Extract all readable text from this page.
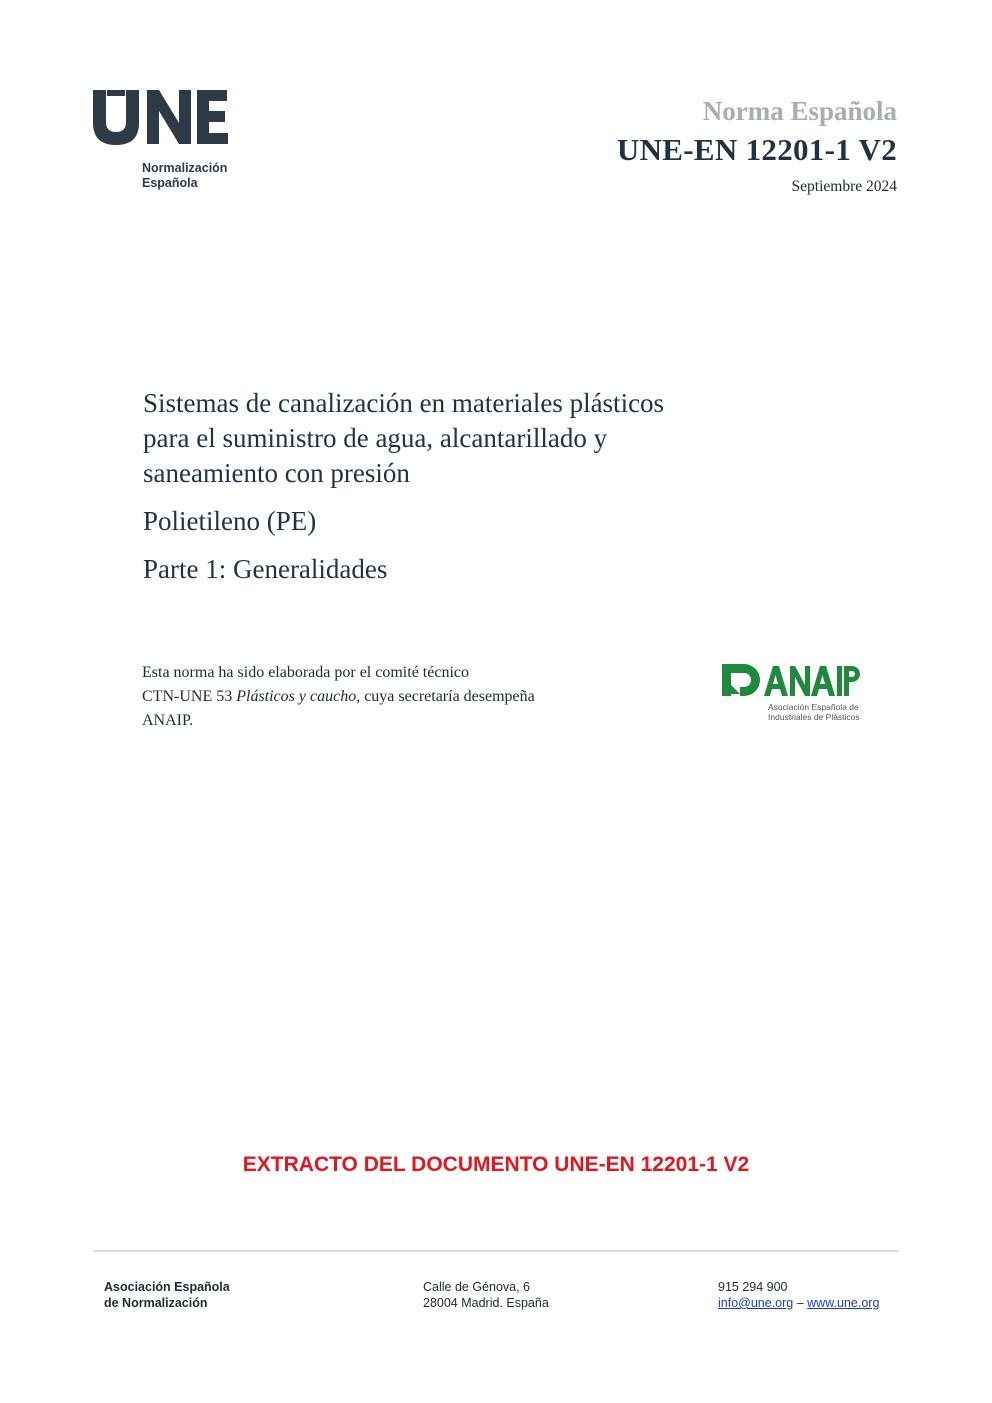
Normalización
Española
Norma Española
UNE-EN 12201-1 V2
Septiembre 2024

Sistemas de canalización en materiales plásticos
para el suministro de agua, alcantarillado y
saneamiento con presión

Polietileno (PE)

Parte 1: Generalidades

Esta norma ha sido elaborada por el comité técnico
CTN-UNE 53 Plásticos y caucho, cuya secretaría desempeña
ANAIP.
Asociación Española de
Industriales de Plásticos
EXTRACTO DEL DOCUMENTO UNE-EN 12201-1 V2
Asociación Española
de Normalización
Calle de Génova, 6
28004 Madrid. España
915 294 900
info@une.org – www.une.org
